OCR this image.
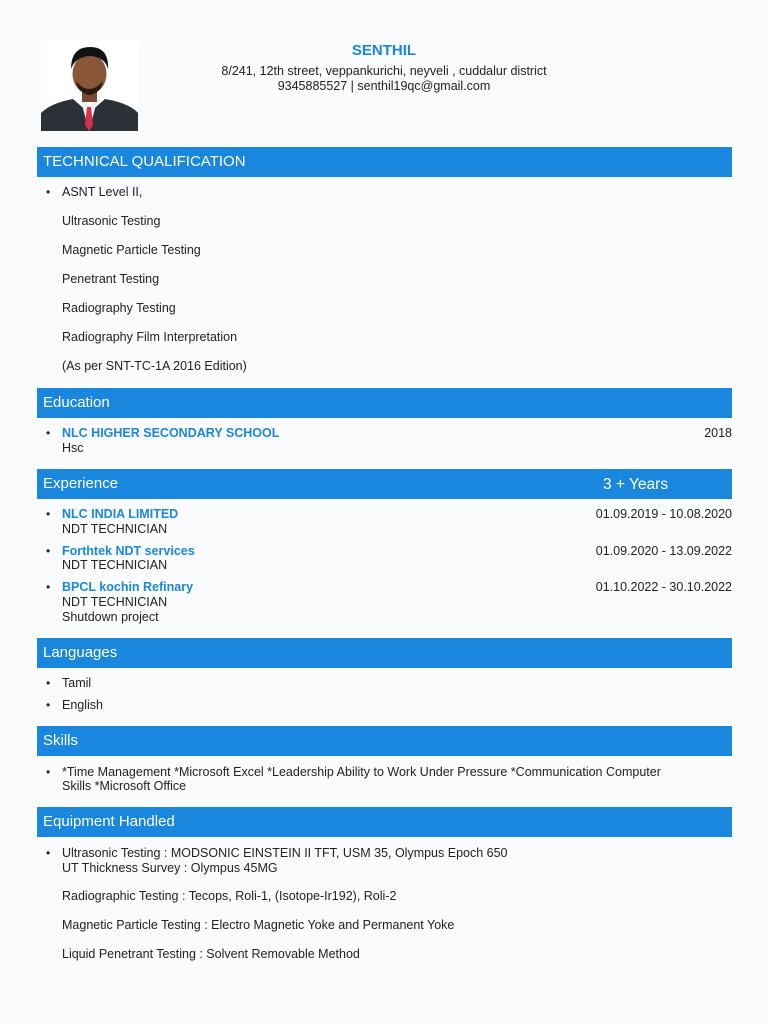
SENTHIL
8/241, 12th street, veppankurichi, neyveli , cuddalur district
9345885527 | senthil19qc@gmail.com
TECHNICAL QUALIFICATION
• ASNT Level II,
Ultrasonic Testing
Magnetic Particle Testing
Penetrant Testing
Radiography Testing
Radiography Film Interpretation
(As per SNT-TC-1A 2016 Edition)
Education
• NLC HIGHER SECONDARY SCHOOL
Hsc
2018
Experience	3 + Years
• NLC INDIA LIMITED
NDT TECHNICIAN
01.09.2019 - 10.08.2020
• Forthtek NDT services
NDT TECHNICIAN
01.09.2020 - 13.09.2022
• BPCL kochin Refinary
NDT TECHNICIAN
Shutdown project
01.10.2022 - 30.10.2022
Languages
• Tamil
• English
Skills
• *Time Management *Microsoft Excel *Leadership Ability to Work Under Pressure *Communication Computer
Skills *Microsoft Office
Equipment Handled
• Ultrasonic Testing : MODSONIC EINSTEIN II TFT, USM 35, Olympus Epoch 650
UT Thickness Survey : Olympus 45MG
Radiographic Testing : Tecops, Roli-1, (Isotope-Ir192), Roli-2
Magnetic Particle Testing : Electro Magnetic Yoke and Permanent Yoke
Liquid Penetrant Testing : Solvent Removable Method
